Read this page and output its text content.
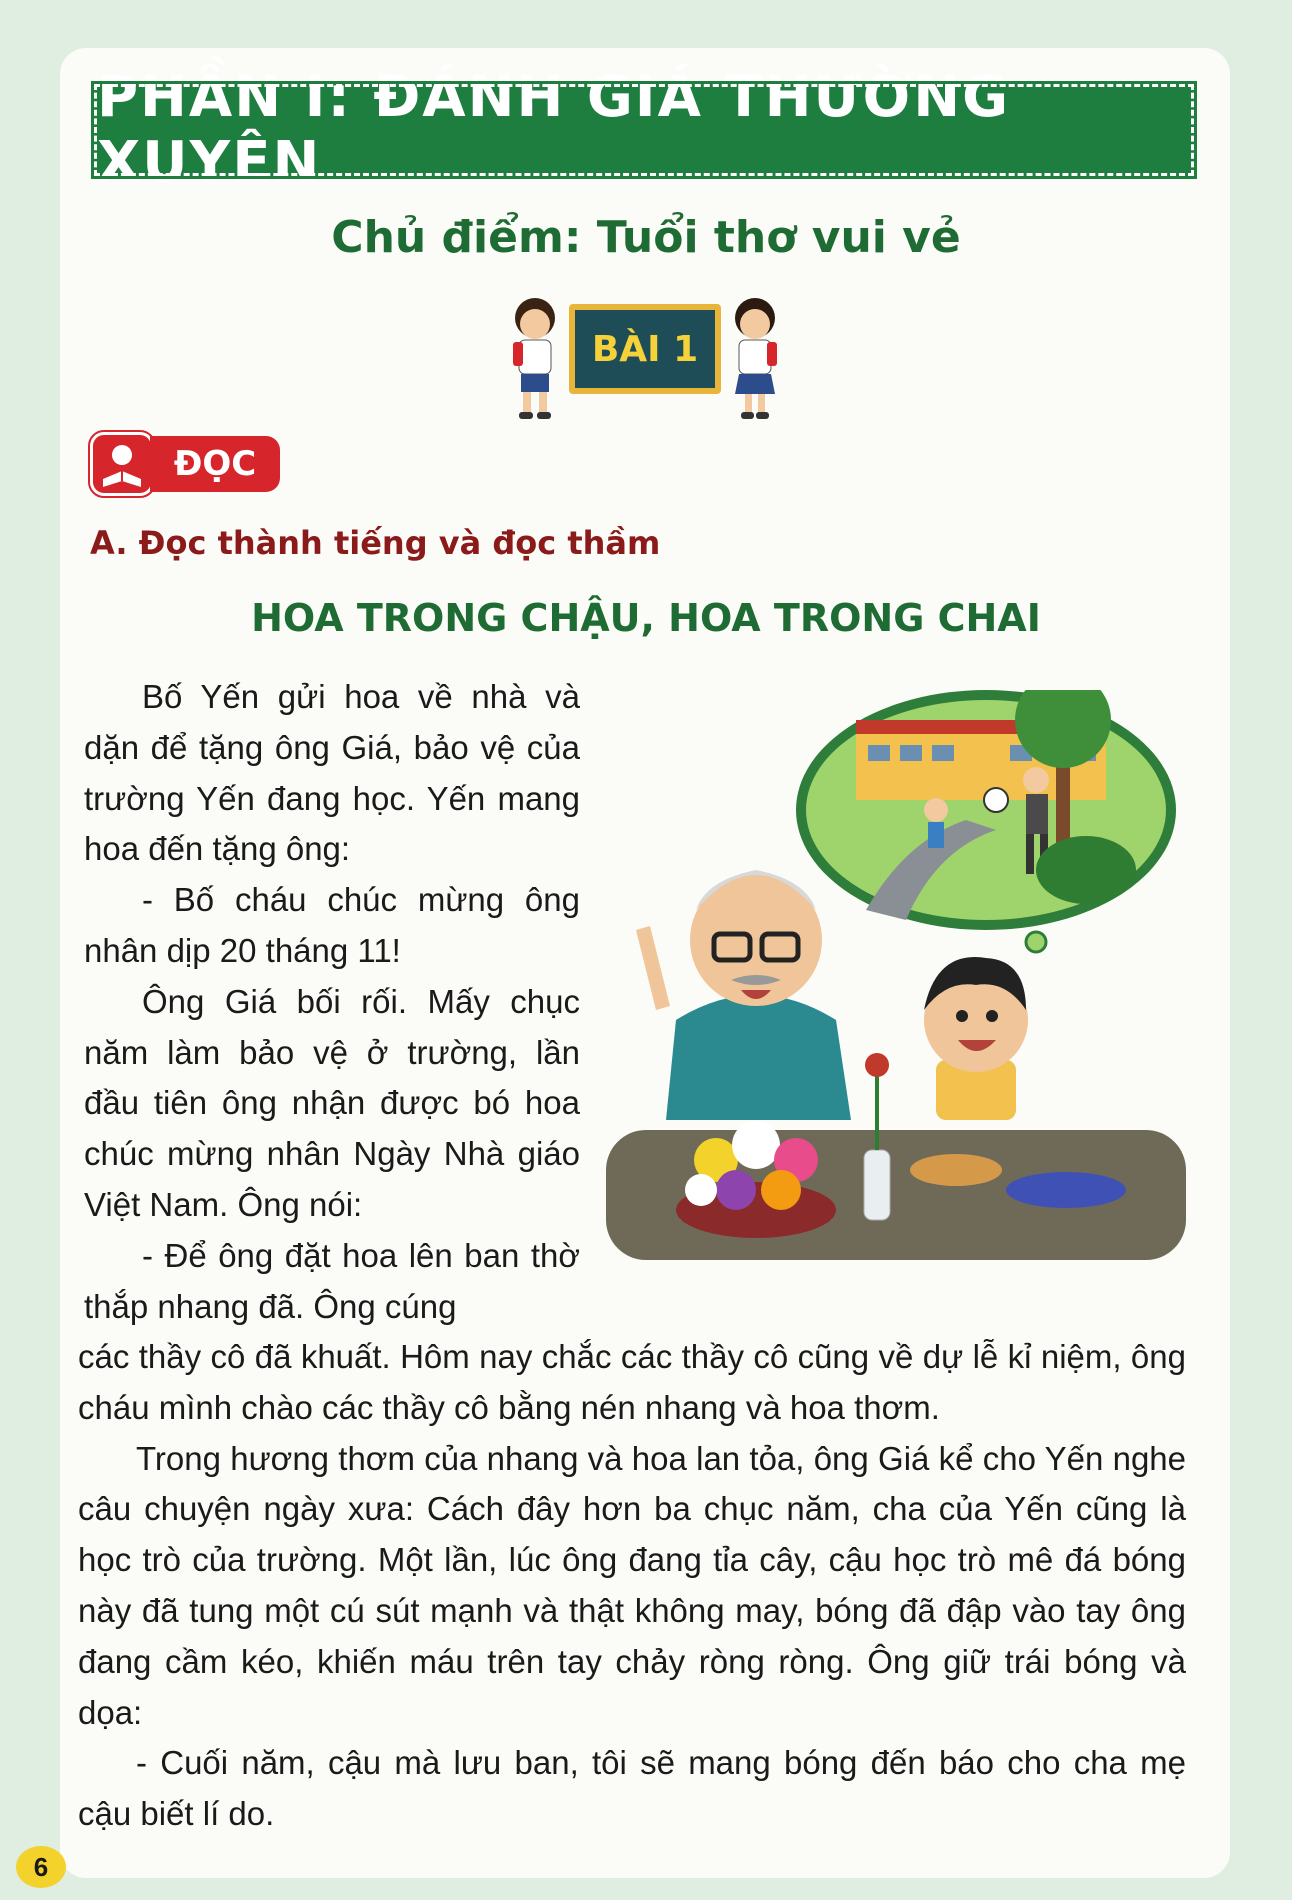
PHẦN I: ĐÁNH GIÁ THƯỜNG XUYÊN
Chủ điểm: Tuổi thơ vui vẻ
BÀI 1
ĐỌC
A. Đọc thành tiếng và đọc thầm
HOA TRONG CHẬU, HOA TRONG CHAI

Bố Yến gửi hoa về nhà và dặn để tặng ông Giá, bảo vệ của trường Yến đang học. Yến mang hoa đến tặng ông:

- Bố cháu chúc mừng ông nhân dịp 20 tháng 11!

Ông Giá bối rối. Mấy chục năm làm bảo vệ ở trường, lần đầu tiên ông nhận được bó hoa chúc mừng nhân Ngày Nhà giáo Việt Nam. Ông nói:

- Để ông đặt hoa lên ban thờ thắp nhang đã. Ông cúng

các thầy cô đã khuất. Hôm nay chắc các thầy cô cũng về dự lễ kỉ niệm, ông cháu mình chào các thầy cô bằng nén nhang và hoa thơm.

Trong hương thơm của nhang và hoa lan tỏa, ông Giá kể cho Yến nghe câu chuyện ngày xưa: Cách đây hơn ba chục năm, cha của Yến cũng là học trò của trường. Một lần, lúc ông đang tỉa cây, cậu học trò mê đá bóng này đã tung một cú sút mạnh và thật không may, bóng đã đập vào tay ông đang cầm kéo, khiến máu trên tay chảy ròng ròng. Ông giữ trái bóng và dọa:

- Cuối năm, cậu mà lưu ban, tôi sẽ mang bóng đến báo cho cha mẹ cậu biết lí do.

6
